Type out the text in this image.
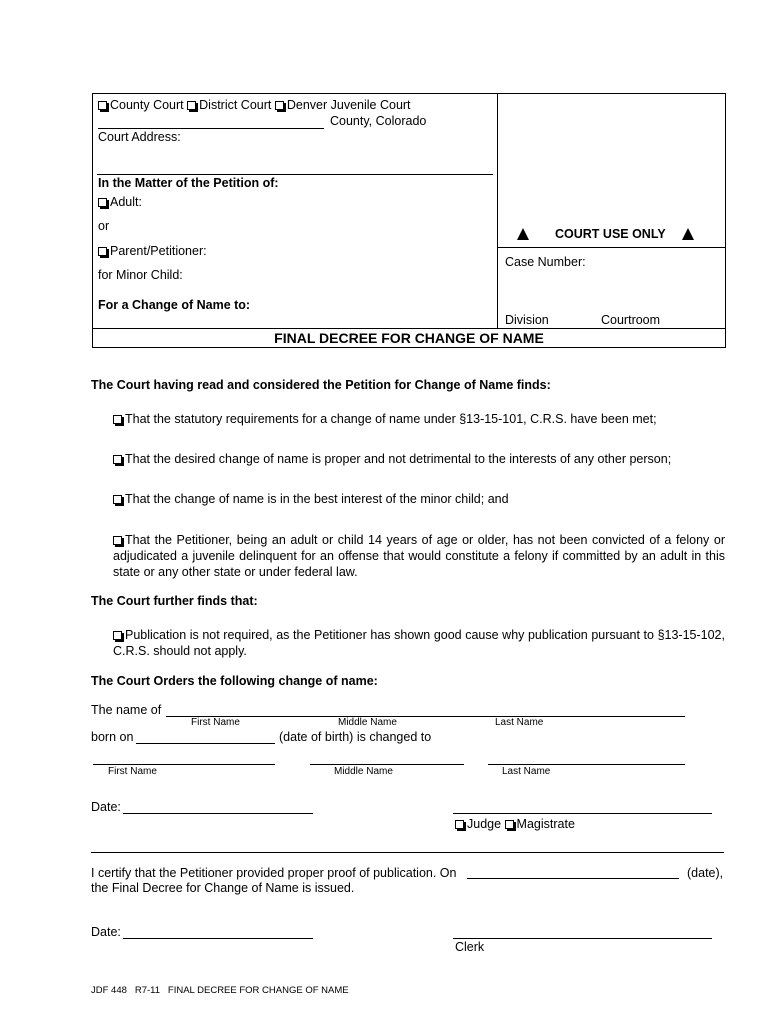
County Court District Court Denver Juvenile Court
County, Colorado
Court Address:
In the Matter of the Petition of:
Adult:
or
Parent/Petitioner:
for Minor Child:
For a Change of Name to:
COURT USE ONLY
Case Number:
Division	Courtroom
FINAL DECREE FOR CHANGE OF NAME
The Court having read and considered the Petition for Change of Name finds:
That the statutory requirements for a change of name under §13-15-101, C.R.S. have been met;
That the desired change of name is proper and not detrimental to the interests of any other person;
That the change of name is in the best interest of the minor child; and
That the Petitioner, being an adult or child 14 years of age or older, has not been convicted of a felony or adjudicated a juvenile delinquent for an offense that would constitute a felony if committed by an adult in this state or any other state or under federal law.
The Court further finds that:
Publication is not required, as the Petitioner has shown good cause why publication pursuant to §13-15-102, C.R.S. should not apply.
The Court Orders the following change of name:
The name of
First Name	Middle Name	Last Name
born on	(date of birth) is changed to
First Name	Middle Name	Last Name
Date:
Judge Magistrate
I certify that the Petitioner provided proper proof of publication. On	(date),
the Final Decree for Change of Name is issued.
Date:
Clerk
JDF 448 R7-11 FINAL DECREE FOR CHANGE OF NAME
